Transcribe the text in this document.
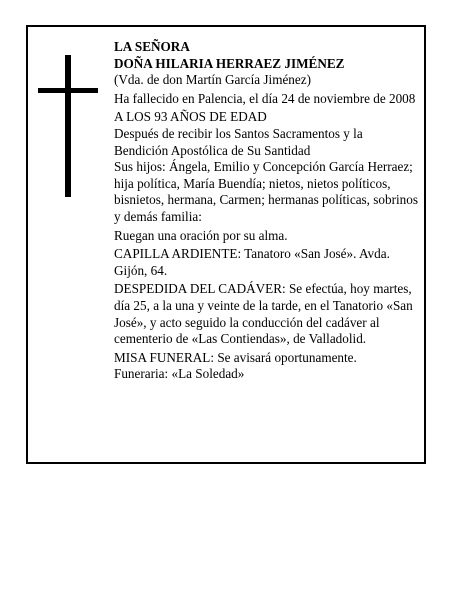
LA SEÑORA

DOÑA HILARIA HERRAEZ JIMÉNEZ

(Vda. de don Martín García Jiménez)

Ha fallecido en Palencia, el día 24 de noviembre de 2008

A LOS 93 AÑOS DE EDAD

Después de recibir los Santos Sacramentos y la Bendición Apostólica de Su Santidad

Sus hijos: Ángela, Emilio y Concepción García Herraez; hija política, María Buendía; nietos, nietos políticos, bisnietos, hermana, Carmen; hermanas políticas, sobrinos y demás familia:

Ruegan una oración por su alma.

CAPILLA ARDIENTE: Tanatoro «San José». Avda. Gijón, 64.

DESPEDIDA DEL CADÁVER: Se efectúa, hoy martes, día 25, a la una y veinte de la tarde, en el Tanatorio «San José», y acto seguido la conducción del cadáver al cementerio de «Las Contiendas», de Valladolid.

MISA FUNERAL: Se avisará oportunamente.

Funeraria: «La Soledad»
